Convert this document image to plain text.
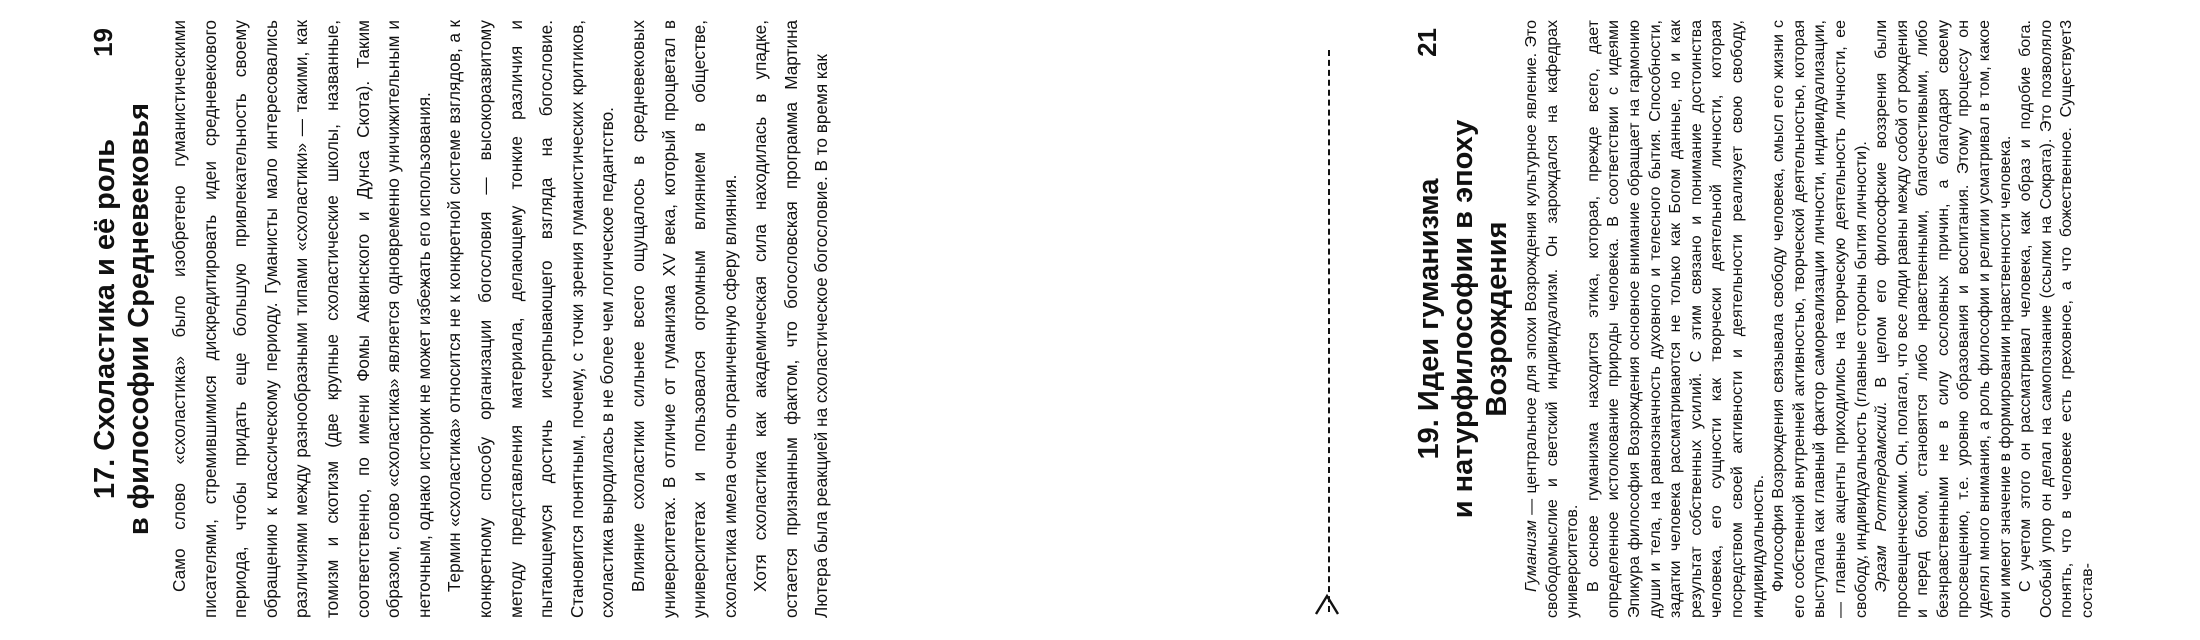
19
17. Схоластика и её роль в философии Средневековья Само слово «схоластика» было изобретено гуманистическими писателями, стремившимися дискредитировать идеи средневекового периода, чтобы придать еще большую привлекательность своему обращению к классическому периоду. Гуманисты мало интересовались различиями между разнообразными типами «схоластики» — такими, как томизм и скотизм (две крупные схоластические школы, названные, соответственно, по имени Фомы Аквинского и Дунса Скота). Таким образом, слово «схоластика» является одновременно уничижительным и неточным, однако историк не может избежать его использования. Термин «схоластика» относится не к конкретной системе взглядов, а к конкретному способу организации богословия — высокоразвитому методу представления материала, делающему тонкие различия и пытающемуся достичь исчерпывающего взгляда на богословие. Становится понятным, почему, с точки зрения гуманистических критиков, схоластика выродилась в не более чем логическое педантство. Влияние схоластики сильнее всего ощущалось в средневековых университетах. В отличие от гуманизма XV века, который процветал в университетах и пользовался огромным влиянием в обществе, схоластика имела очень ограниченную сферу влияния. Хотя схоластика как академическая сила находилась в упадке, остается признанным фактом, что богословская программа Мартина Лютера была реакцией на схоластическое богословие. В то время как

21
19. Идеи гуманизма и натурфилософии в эпоху Возрождения

Гуманизм — центральное для эпохи Возрождения культурное явление. Это свободомыслие и светский индивидуализм. Он зарождался на кафедрах университетов. В основе гуманизма находится этика, которая, прежде всего, дает определенное истолкование природы человека. В соответствии с идеями Эпикура философия Возрождения основное внимание обращает на гармонию души и тела, на равнозначность духовного и телесного бытия. Способности, задатки человека рассматриваются не только как Богом данные, но и как результат собственных усилий. С этим связано и понимание достоинства человека, его сущности как творчески деятельной личности, которая посредством своей активности и деятельности реализует свою свободу, индивидуальность. Философия Возрождения связывала свободу человека, смысл его жизни с его собственной внутренней активностью, творческой деятельностью, которая выступала как главный фактор самореализации личности, индивидуализации, — главные акценты приходились на творческую деятельность личности, ее свободу, индивидуальность (главные стороны бытия личности). Эразм Роттердамский. В целом его философские воззрения были просвещенческими. Он, полагал, что все люди равны между собой от рождения и перед богом, становятся либо нравственными, благочестивыми, либо безнравственными не в силу сословных причин, а благодаря своему просвещению, т.е. уровню образования и воспитания. Этому процессу он уделял много внимания, а роль философии и религии усматривал в том, какое они имеют значение в формировании нравственности человека. С учетом этого он рассматривал человека, как образ и подобие бога. Особый упор он делал на самопознание (ссылки на Сократа). Это позволяло понять, что в человеке есть греховное, а что божественное. Существует3 состав-
